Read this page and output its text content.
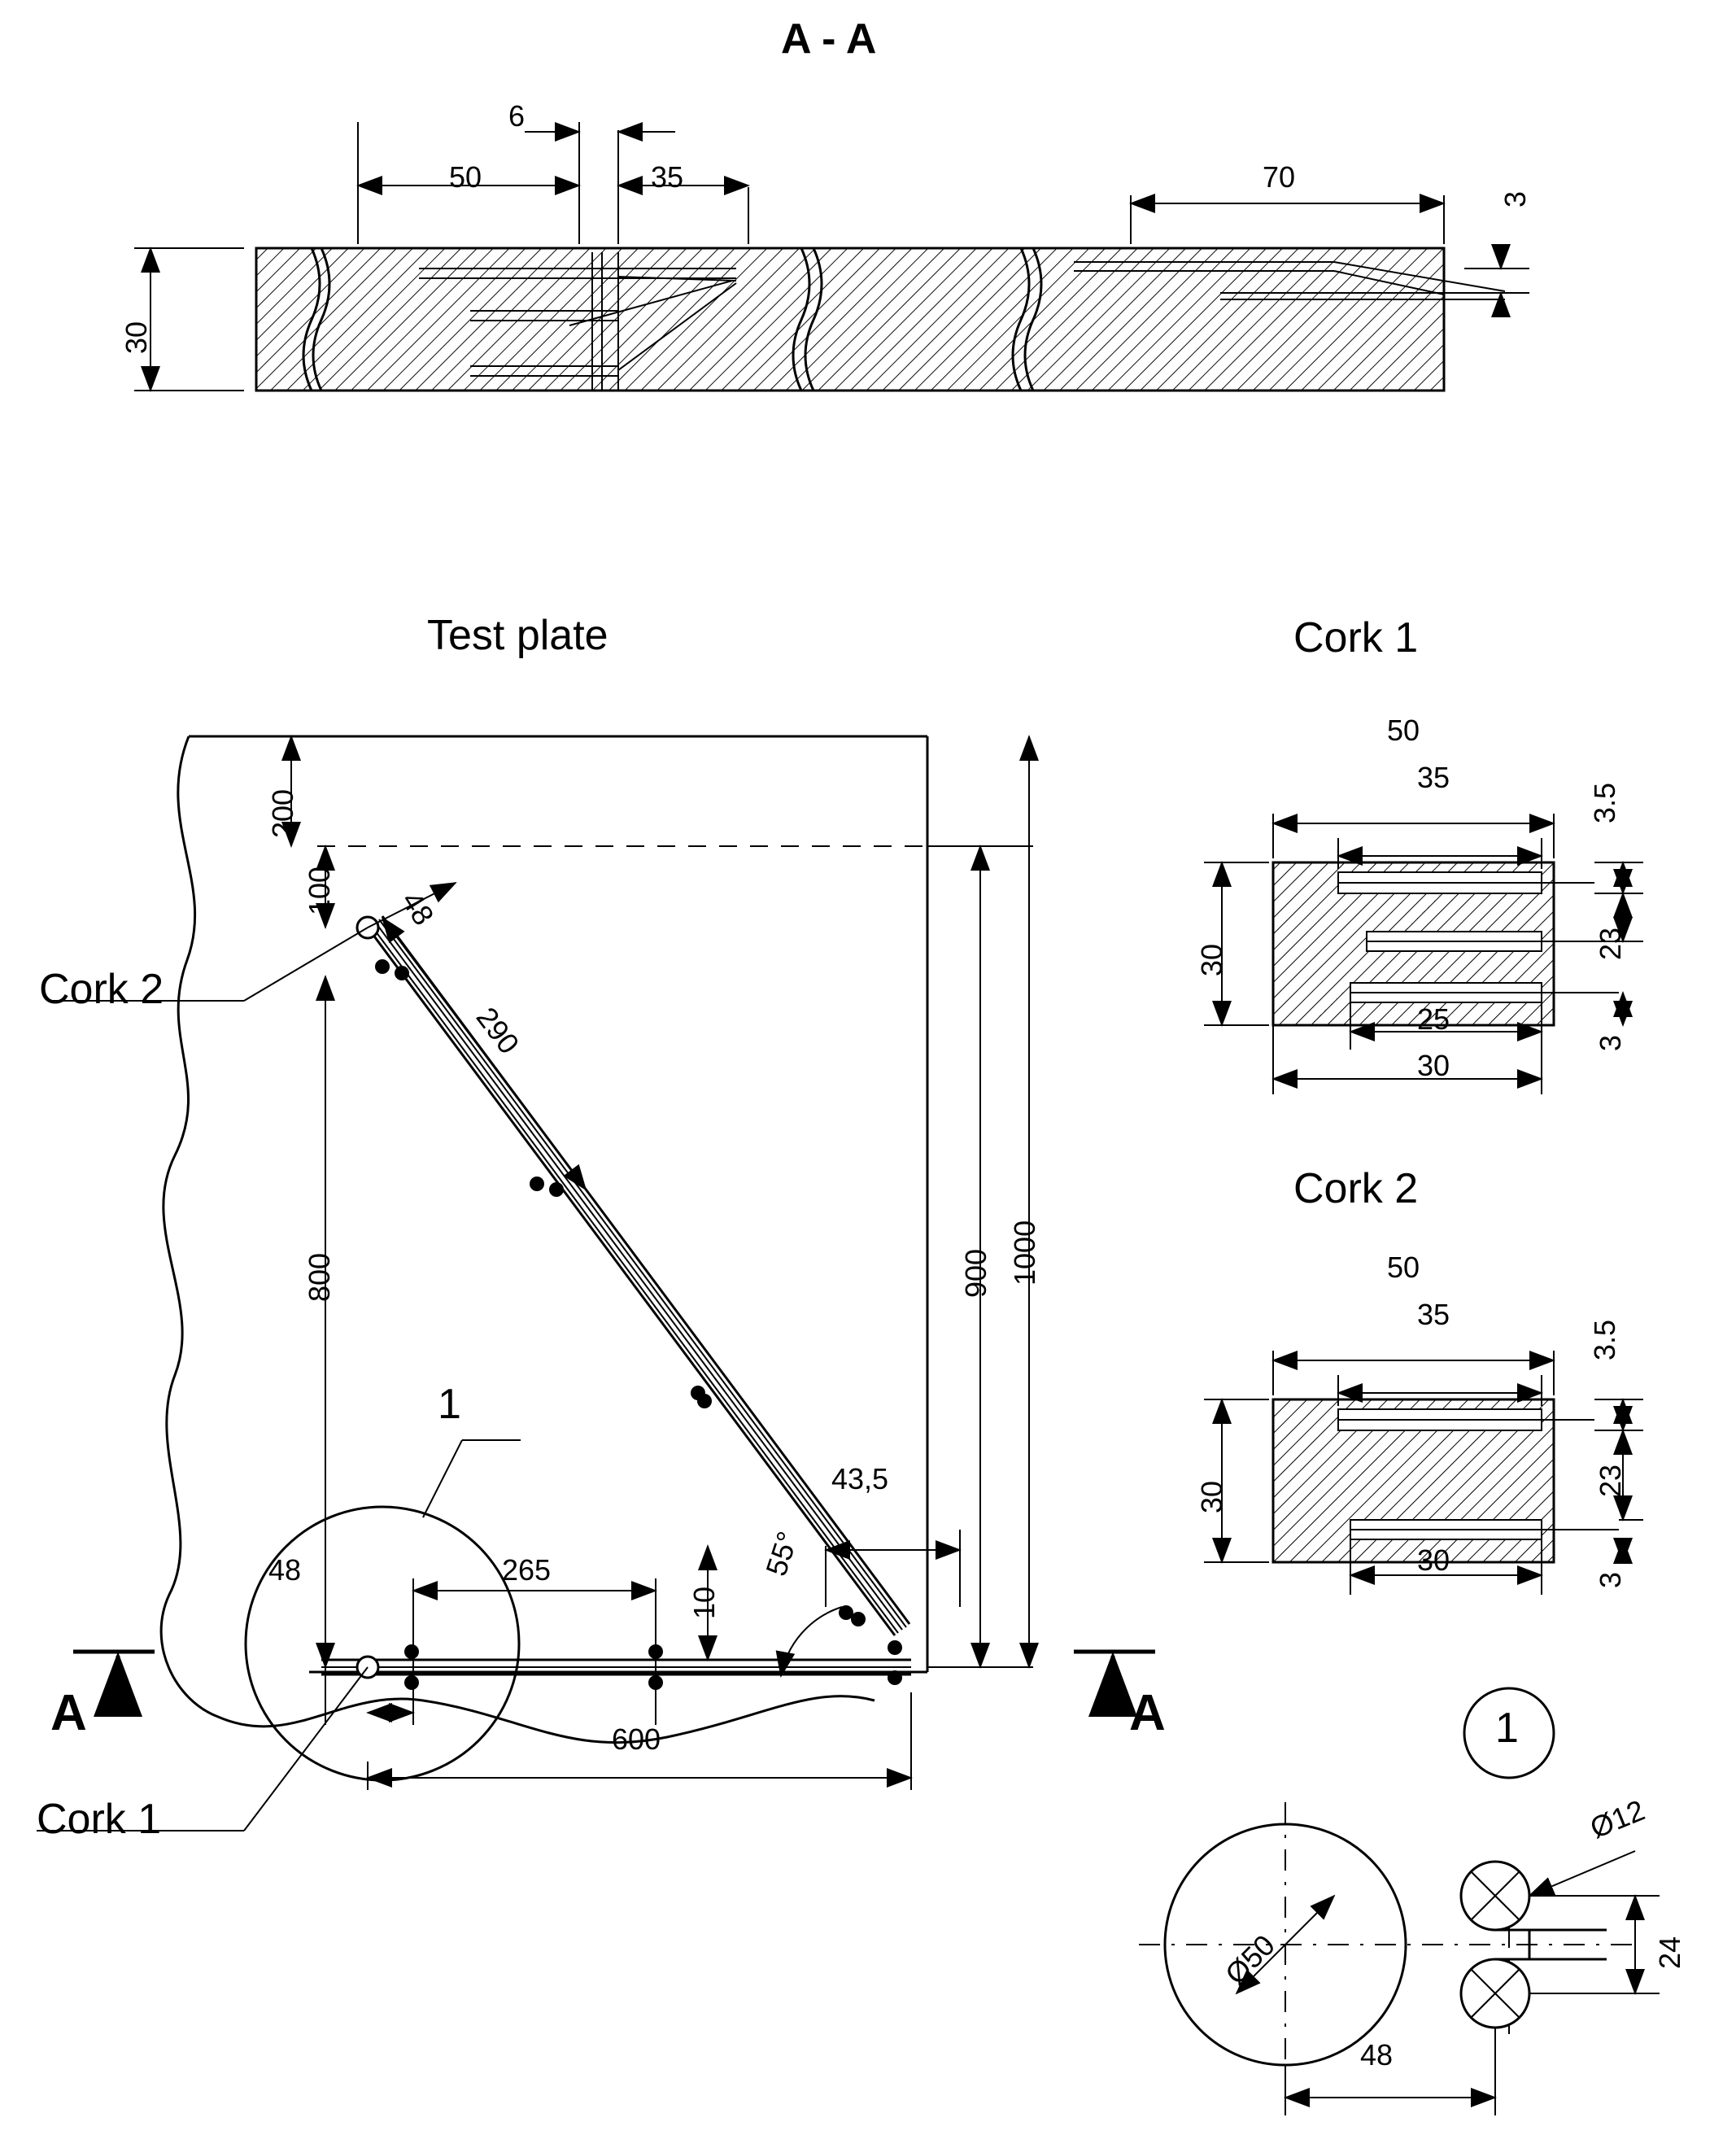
A - A
6
50	35	70
3
30
Test plate
Cork 2
Cork 1
1
A	A
200
100 48
290
800	900 1000
43,5
10
55°
48	265
600
Cork 1
50
35
3.5
30	23
25
30
3
Cork 2
50
35
3.5
30	23
30
3
1
Ø12
Ø50	24
48
